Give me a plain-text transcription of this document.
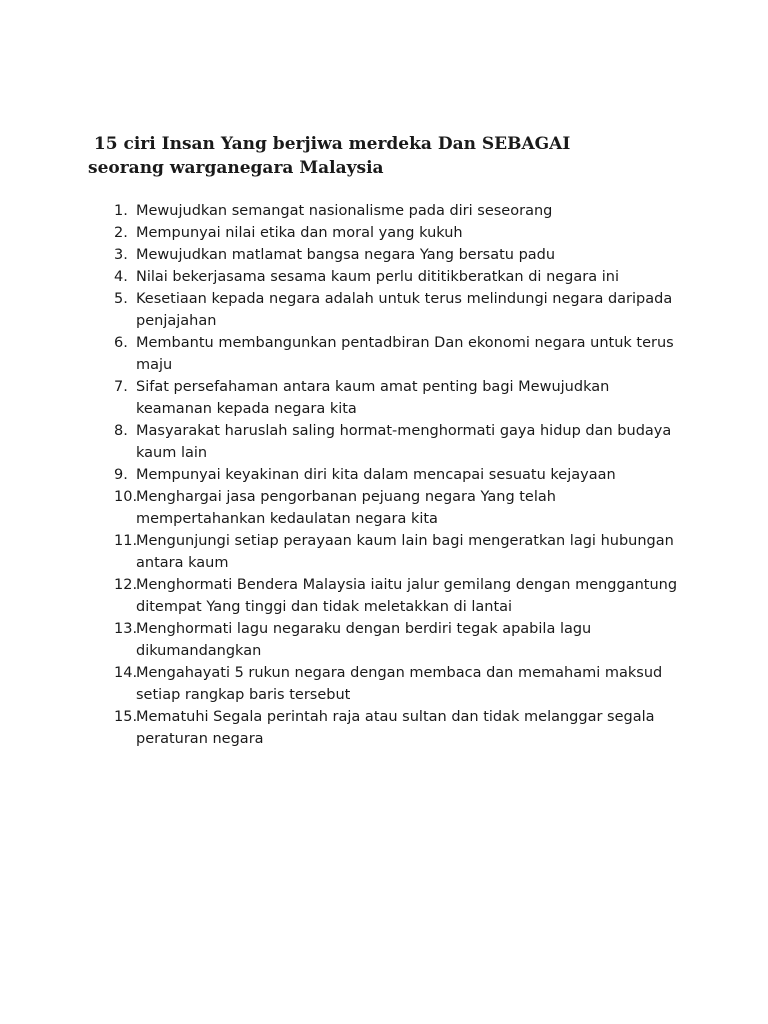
15 ciri Insan Yang berjiwa merdeka Dan SEBAGAI seorang warganegara Malaysia
1. Mewujudkan semangat nasionalisme pada diri seseorang
2. Mempunyai nilai etika dan moral yang kukuh
3. Mewujudkan matlamat bangsa negara Yang bersatu padu
4. Nilai bekerjasama sesama kaum perlu dititikberatkan di negara ini
5. Kesetiaan kepada negara adalah untuk terus melindungi negara daripada penjajahan
6. Membantu membangunkan pentadbiran Dan ekonomi negara untuk terus maju
7. Sifat persefahaman antara kaum amat penting bagi Mewujudkan keamanan kepada negara kita
8. Masyarakat haruslah saling hormat-menghormati gaya hidup dan budaya kaum lain
9. Mempunyai keyakinan diri kita dalam mencapai sesuatu kejayaan
10.
Menghargai jasa pengorbanan pejuang negara Yang telah mempertahankan kedaulatan negara kita
11.
Mengunjungi setiap perayaan kaum lain bagi mengeratkan lagi hubungan antara kaum
12.
Menghormati Bendera Malaysia iaitu jalur gemilang dengan menggantung ditempat Yang tinggi dan tidak meletakkan di lantai
13.
Menghormati lagu negaraku dengan berdiri tegak apabila lagu dikumandangkan
14.
Mengahayati 5 rukun negara dengan membaca dan memahami maksud setiap rangkap baris tersebut
15.
Mematuhi Segala perintah raja atau sultan dan tidak melanggar segala peraturan negara
